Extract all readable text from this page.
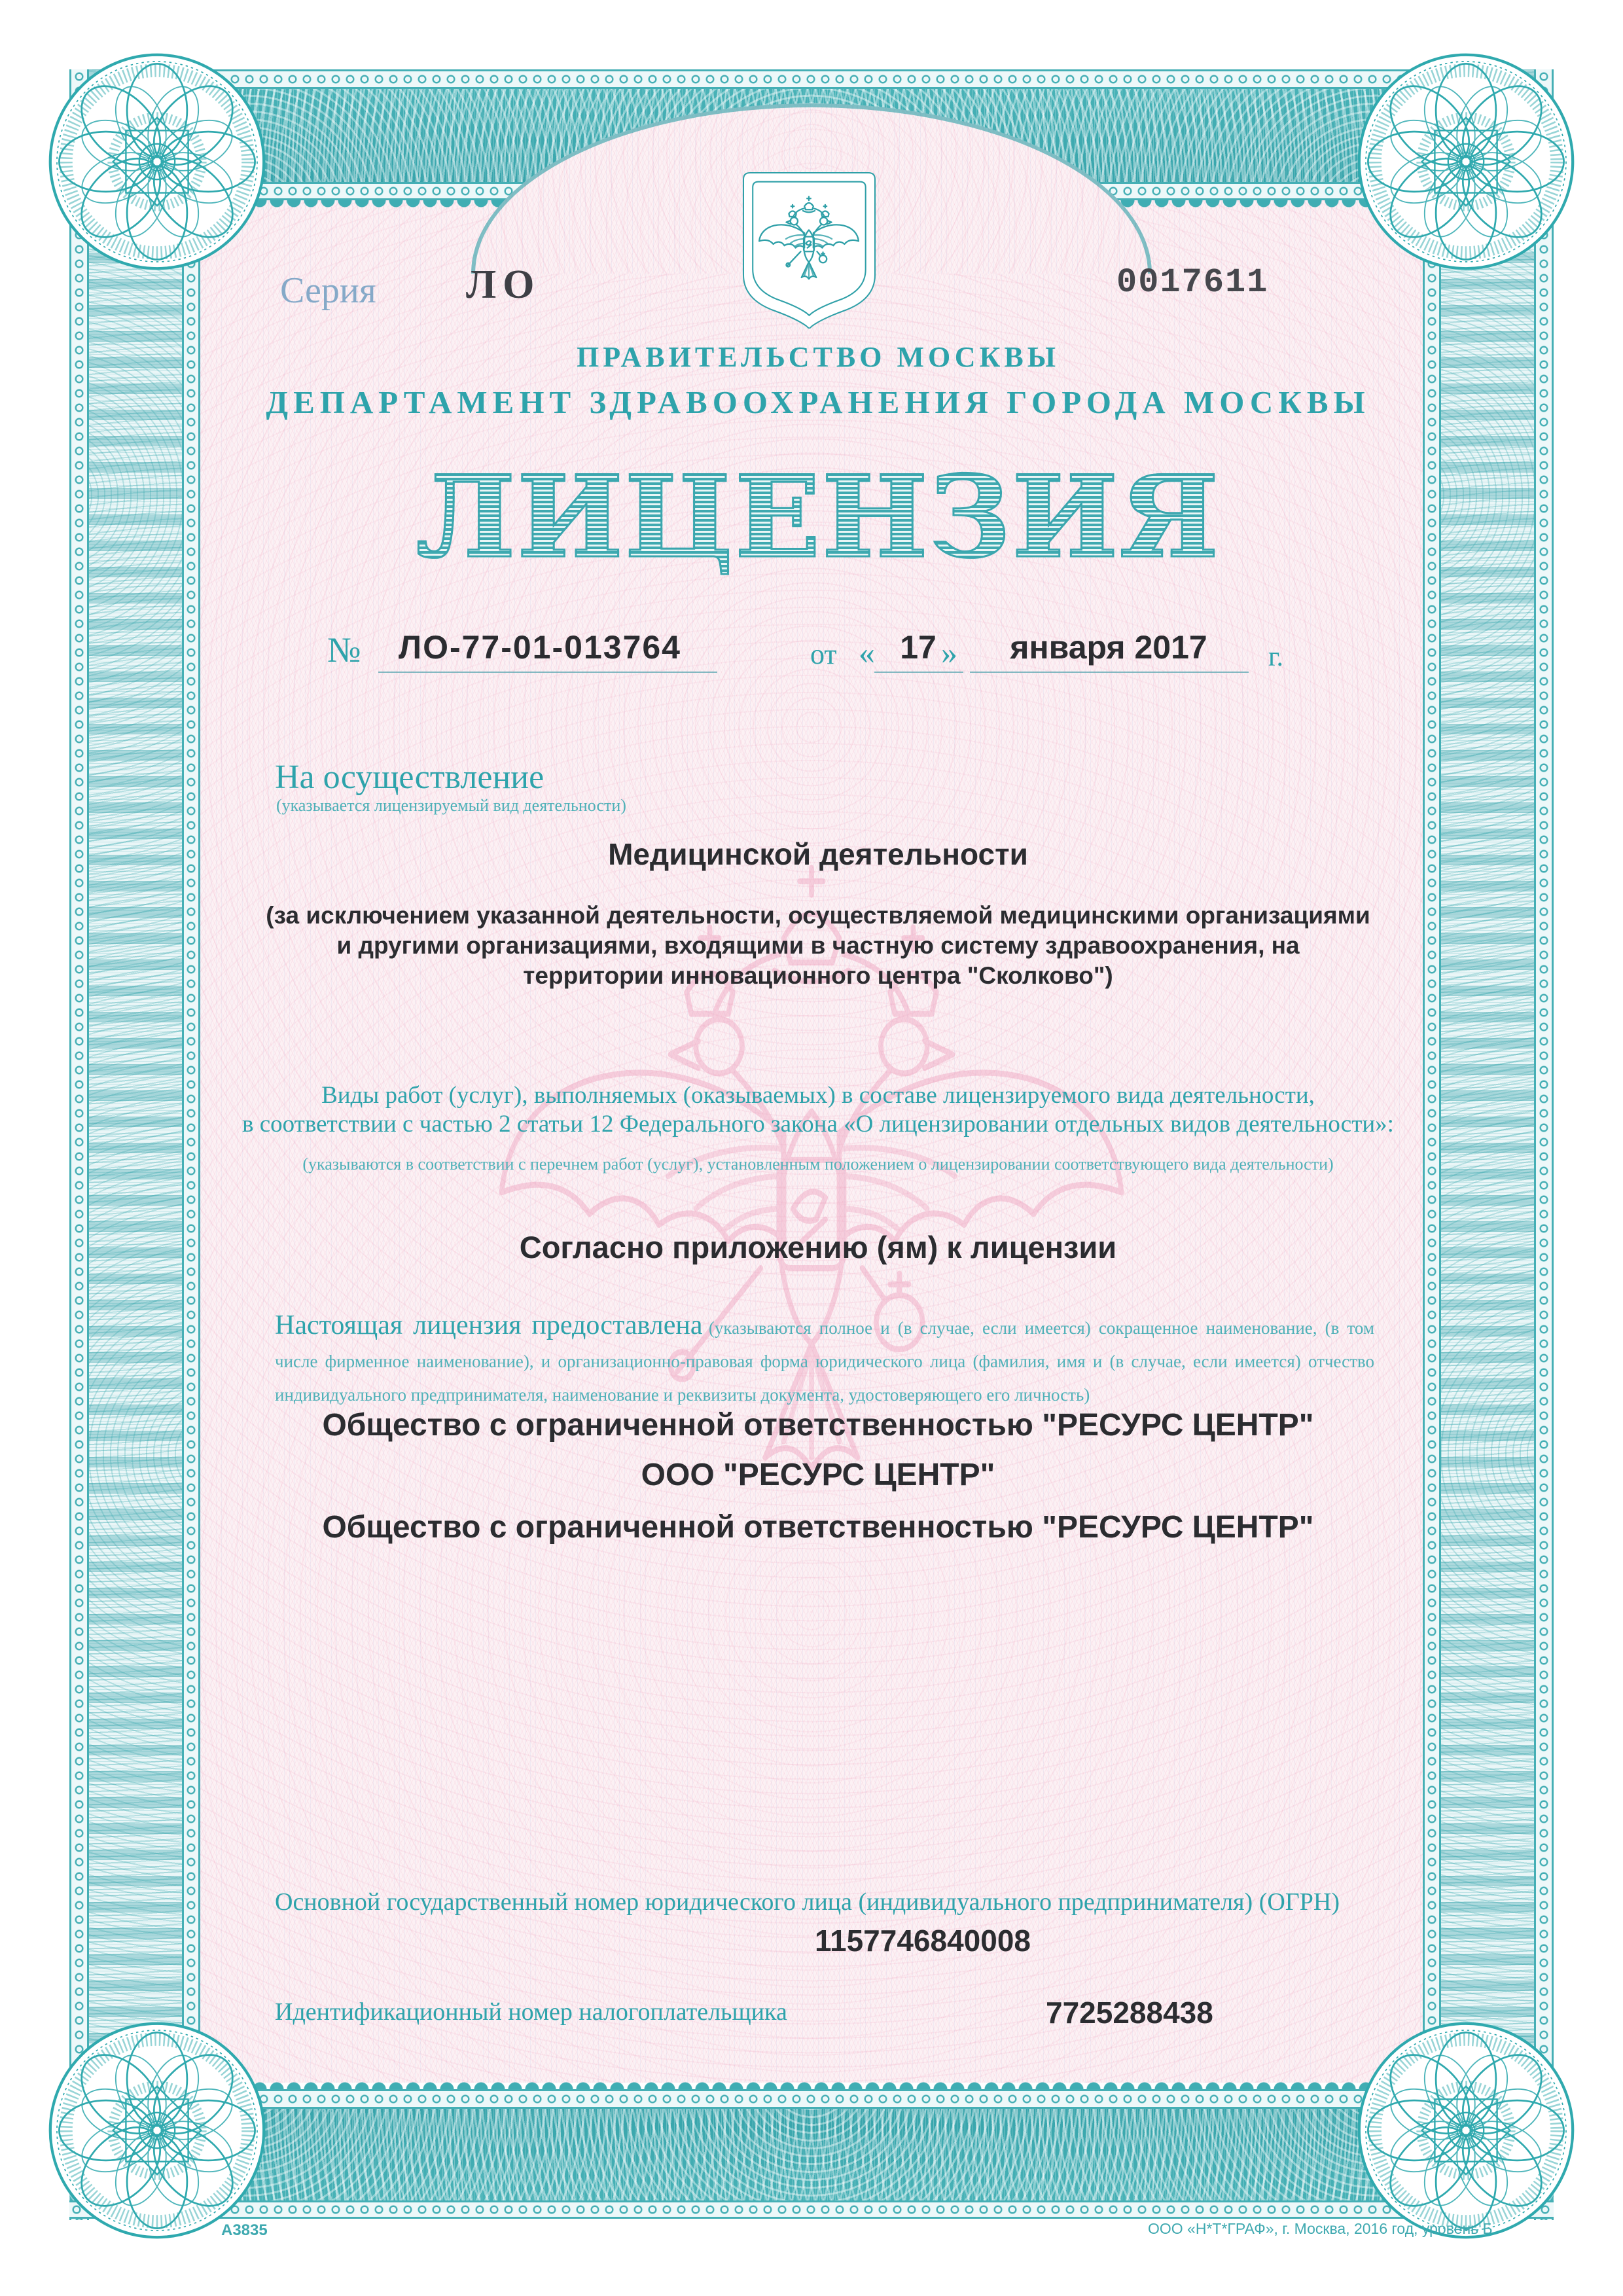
Серия ЛО	0017611
ПРАВИТЕЛЬСТВО МОСКВЫ
ДЕПАРТАМЕНТ ЗДРАВООХРАНЕНИЯ ГОРОДА МОСКВЫ
ЛИЦЕНЗИЯ
№ ЛО-77-01-013764	от « 17 »	января 2017	г.
На осуществление
(указывается лицензируемый вид деятельности)
Медицинской деятельности
(за исключением указанной деятельности, осуществляемой медицинскими организациями
и другими организациями, входящими в частную систему здравоохранения, на
территории инновационного центра "Сколково")
Виды работ (услуг), выполняемых (оказываемых) в составе лицензируемого вида деятельности,
в соответствии с частью 2 статьи 12 Федерального закона «О лицензировании отдельных видов деятельности»:
(указываются в соответствии с перечнем работ (услуг), установленным положением о лицензировании соответствующего вида деятельности)
Согласно приложению (ям) к лицензии

Настоящая лицензия предоставлена (указываются полное и (в случае, если имеется) сокращенное наименование, (в том числе фирменное наименование), и организационно-правовая форма юридического лица (фамилия, имя и (в случае, если имеется) отчество индивидуального предпринимателя, наименование и реквизиты документа, удостоверяющего его личность)

Общество с ограниченной ответственностью "РЕСУРС ЦЕНТР"
ООО "РЕСУРС ЦЕНТР"
Общество с ограниченной ответственностью "РЕСУРС ЦЕНТР"
Основной государственный номер юридического лица (индивидуального предпринимателя) (ОГРН)
1157746840008
Идентификационный номер налогоплательщика	7725288438
А3835	ООО «Н*Т*ГРАФ», г. Москва, 2016 год, уровень Б
